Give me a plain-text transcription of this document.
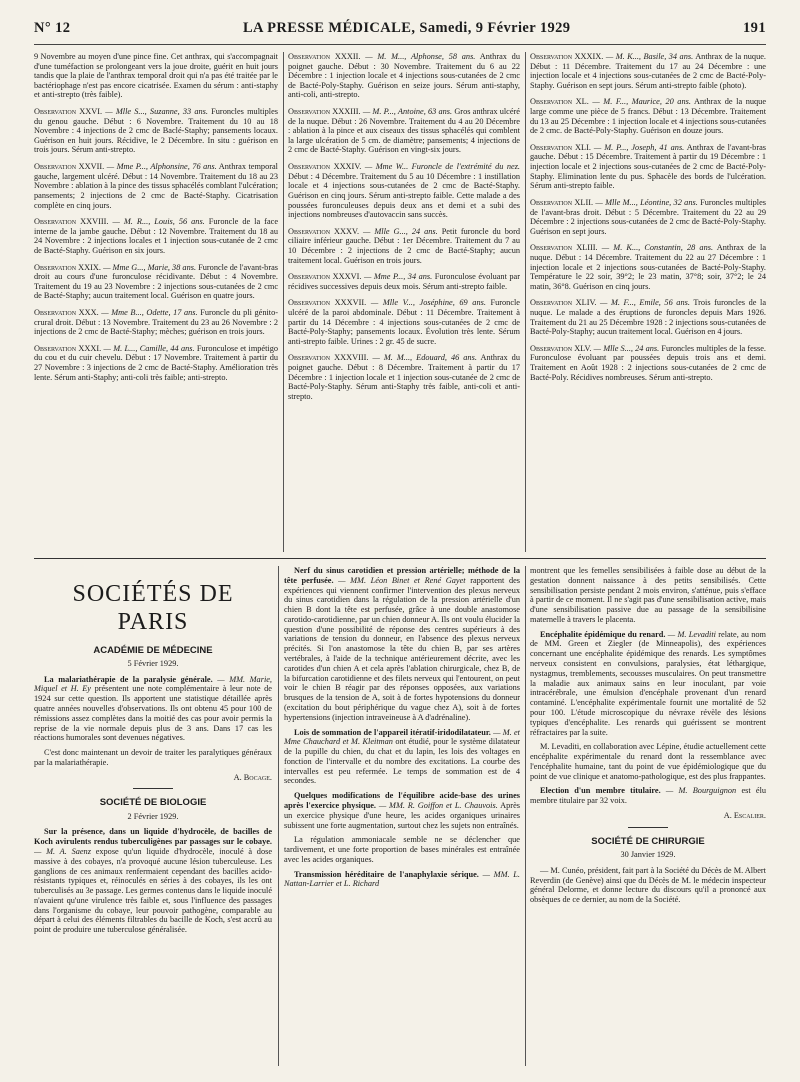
N° 12	LA PRESSE MÉDICALE, Samedi, 9 Février 1929	191
9 Novembre au moyen d'une pince fine. Cet anthrax, qui s'accompagnait d'une tuméfaction se prolongeant vers la joue droite, guérit en huit jours tandis que la plaie de l'anthrax temporal droit qui n'a pas été traitée par le bactériophage n'est pas encore cicatrisée. Examen du sérum : anti-staphy et anti-strepto (très faible).
Observation XXVI. — Mlle S..., Suzanne, 33 ans. Furoncles multiples du genou gauche. Début : 6 Novembre. Traitement du 10 au 18 Novembre : 4 injections de 2 cmc de Baclé-Staphy; pansements locaux. Guérison en huit jours. Récidive, le 2 Décembre. In situ : guérison en trois jours. Sérum anti-strepto.
Observation XXVII. — Mme P..., Alphonsine, 76 ans. Anthrax temporal gauche, largement ulcéré. Début : 14 Novembre. Traitement du 18 au 23 Novembre : ablation à la pince des tissus sphacélés comblant l'ulcération; pansements; 2 injections de 2 cmc de Bacté-Staphy. Cicatrisation complète en cinq jours.
Observation XXVIII. — M. R..., Louis, 56 ans. Furoncle de la face interne de la jambe gauche. Début : 12 Novembre. Traitement du 18 au 24 Novembre : 2 injections locales et 1 injection sous-cutanée de 2 cmc de Bacté-Staphy. Guérison en six jours.
Observation XXIX. — Mme G..., Marie, 38 ans. Furoncle de l'avant-bras droit au cours d'une furonculose récidivante. Début : 4 Novembre. Traitement du 19 au 23 Novembre : 2 injections sous-cutanées de 2 cmc de Bacté-Staphy; aucun traitement local. Guérison en quatre jours.
Observation XXX. — Mme B..., Odette, 17 ans. Furoncle du pli génito-crural droit. Début : 13 Novembre. Traitement du 23 au 26 Novembre : 2 injections de 2 cmc de Bacté-Staphy; mèches; guérison en trois jours.
Observation XXXI. — M. L..., Camille, 44 ans. Furonculose et impétigo du cou et du cuir chevelu. Début : 17 Novembre. Traitement à partir du 27 Novembre : 3 injections de 2 cmc de Bacté-Staphy. Amélioration très lente. Sérum anti-Staphy; anti-coli très faible; anti-strepto.
Observation XXXII. — M. M..., Alphonse, 58 ans. Anthrax du poignet gauche. Début : 30 Novembre. Traitement du 6 au 22 Décembre : 1 injection locale et 4 injections sous-cutanées de 2 cmc de Bacté-Poly-Staphy. Guérison en seize jours. Sérum anti-staphy, anti-coli, anti-strepto.
Observation XXXIII. — M. P..., Antoine, 63 ans. Gros anthrax ulcéré de la nuque. Début : 26 Novembre. Traitement du 4 au 20 Décembre : ablation à la pince et aux ciseaux des tissus sphacélés qui comblent la large ulcération de 5 cm. de diamètre; pansements; 4 injections de 2 cmc de Bacté-Staphy. Guérison en vingt-six jours.
Observation XXXIV. — Mme W... Furoncle de l'extrémité du nez. Début : 4 Décembre. Traitement du 5 au 10 Décembre : 1 instillation locale et 4 injections sous-cutanées de 2 cmc de Bacté-Staphy. Guérison en cinq jours. Sérum anti-strepto faible. Cette malade a des poussées furonculeuses depuis deux ans et demi et a subi des injections nombreuses d'autovaccin sans succès.
Observation XXXV. — Mlle G..., 24 ans. Petit furoncle du bord ciliaire inférieur gauche. Début : 1er Décembre. Traitement du 7 au 10 Décembre : 2 injections de 2 cmc de Bacté-Staphy; aucun traitement local. Guérison en trois jours.
Observation XXXVI. — Mme P..., 34 ans. Furonculose évoluant par récidives successives depuis deux mois. Sérum anti-strepto faible.
Observation XXXVII. — Mlle V..., Joséphine, 69 ans. Furoncle ulcéré de la paroi abdominale. Début : 11 Décembre. Traitement à partir du 14 Décembre : 4 injections sous-cutanées de 2 cmc de Bacté-Poly-Staphy; pansements locaux. Évolution très lente. Sérum anti-strepto faible. Urines : 2 gr. 45 de sucre.
Observation XXXVIII. — M. M..., Edouard, 46 ans. Anthrax du poignet gauche. Début : 8 Décembre. Traitement à partir du 17 Décembre : 1 injection locale et 1 injection sous-cutanée de 2 cmc de Bacté-Poly-Staphy. Sérum anti-Staphy très faible, anti-coli et anti-strepto.
Observation XXXIX. — M. K..., Basile, 34 ans. Anthrax de la nuque. Début : 11 Décembre. Traitement du 17 au 24 Décembre : une injection locale et 4 injections sous-cutanées de 2 cmc de Bacté-Poly-Staphy. Guérison en sept jours. Sérum anti-strepto faible (photo).
Observation XL. — M. F..., Maurice, 20 ans. Anthrax de la nuque large comme une pièce de 5 francs. Début : 13 Décembre. Traitement du 13 au 25 Décembre : 1 injection locale et 4 injections sous-cutanées de 2 cmc. de Bacté-Poly-Staphy. Guérison en douze jours.
Observation XLI. — M. P..., Joseph, 41 ans. Anthrax de l'avant-bras gauche. Début : 15 Décembre. Traitement à partir du 19 Décembre : 1 injection locale et 2 injections sous-cutanées de 2 cmc de Bacté-Poly-Staphy. Elimination lente du pus. Sphacèle des bords de l'ulcération. Sérum anti-strepto faible.
Observation XLII. — Mlle M..., Léontine, 32 ans. Furoncles multiples de l'avant-bras droit. Début : 5 Décembre. Traitement du 22 au 29 Décembre : 2 injections sous-cutanées de 2 cmc de Bacté-Poly-Staphy. Guérison en sept jours.
Observation XLIII. — M. K..., Constantin, 28 ans. Anthrax de la nuque. Début : 14 Décembre. Traitement du 22 au 27 Décembre : 1 injection locale et 2 injections sous-cutanées de Bacté-Poly-Staphy. Température le 22 soir, 39°2; le 23 matin, 37°8; soir, 37°2; le 24 matin, 36°8. Guérison en cinq jours.
Observation XLIV. — M. F..., Emile, 56 ans. Trois furoncles de la nuque. Le malade a des éruptions de furoncles depuis Mars 1926. Traitement du 21 au 25 Décembre 1928 : 2 injections sous-cutanées de Bacté-Poly-Staphy; aucun traitement local. Guérison en 4 jours.
Observation XLV. — Mlle S..., 24 ans. Furoncles multiples de la fesse. Furonculose évoluant par poussées depuis trois ans et demi. Traitement en Août 1928 : 2 injections sous-cutanées de 2 cmc de Bacté-Poly. Récidives nombreuses. Sérum anti-strepto.
SOCIÉTÉS DE PARIS
ACADÉMIE DE MÉDECINE
5 Février 1929.

La malariathérapie de la paralysie générale. — MM. Marie, Miquel et H. Ey présentent une note complémentaire à leur note de 1924 sur cette question. Ils apportent une statistique détaillée après quatre années nouvelles d'observations. Ils ont obtenu 45 pour 100 de rémissions assez complètes dans la moitié des cas pour avoir permis la reprise de la vie normale depuis plus de 3 ans. Dans 17 cas les réactions humorales sont devenues négatives.

C'est donc maintenant un devoir de traiter les paralytiques généraux par la malariathérapie.

A. Bocage.
SOCIÉTÉ DE BIOLOGIE
2 Février 1929.

Sur la présence, dans un liquide d'hydrocèle, de bacilles de Koch avirulents rendus tuberculigènes par passages sur le cobaye. — M. A. Saenz expose qu'un liquide d'hydrocèle, inoculé à dose massive à des cobayes, n'a provoqué aucune lésion tuberculeuse. Les ganglions de ces animaux renfermaient cependant des bacilles acido-résistants typiques et, réinoculés en séries à des cobayes, ils les ont tuberculisés au 3e passage. Les germes contenus dans le liquide inoculé n'avaient qu'une virulence très faible et, sous l'influence des passages dans l'organisme du cobaye, leur pouvoir pathogène, comparable au départ à celui des éléments filtrables du bacille de Koch, s'est accrû au point de produire une tuberculose généralisée.

Nerf du sinus carotidien et pression artérielle; méthode de la tête perfusée. — MM. Léon Binet et René Gayet rapportent des expériences qui viennent confirmer l'intervention des plexus nerveux du sinus carotidien dans la régulation de la pression artérielle d'un chien B dont la tête est perfusée, grâce à une double anastomose carotido-carotidienne, par un chien donneur A. Ils ont voulu élucider la question d'une possibilité de réponse des centres supérieurs à des variations de tension du donneur, en l'absence des plexus nerveux précités. Si l'on anastomose la tête du chien B, par ses artères vertébrales, à l'aide de la technique antérieurement décrite, avec les carotides d'un chien A et cela après l'ablation chirurgicale, chez B, de la bifurcation carotidienne et des filets nerveux qui l'entourent, on peut voir le chien B réagir par des réponses opposées, aux variations brusques de la tension de A, soit à de fortes hypotensions du donneur (excitation du bout périphérique du vague chez A), soit à de fortes hypertensions (injection intraveineuse à A d'adrénaline).

Lois de sommation de l'appareil itératif-iridodilatateur. — M. et Mme Chauchard et M. Kleitman ont étudié, pour le système dilatateur de la pupille du chien, du chat et du lapin, les lois des voltages en fonction de l'intervalle et du nombre des excitations. La courbe des intervalles est peu refermée. Le temps de sommation est de 4 secondes.

Quelques modifications de l'équilibre acide-base des urines après l'exercice physique. — MM. R. Goiffon et L. Chauvois. Après un exercice physique d'une heure, les acides organiques urinaires subissent une forte augmentation, surtout chez les sujets non entraînés.

La régulation ammoniacale semble ne se déclencher que tardivement, et une forte proportion de bases minérales est entraînée avec les acides organiques.

Transmission héréditaire de l'anaphylaxie sérique. — MM. L. Nattan-Larrier et L. Richard

montrent que les femelles sensibilisées à faible dose au début de la gestation donnent naissance à des petits sensibilisés. Cette sensibilisation persiste pendant 2 mois environ, s'atténue, puis s'efface à partir de ce moment. Il ne s'agit pas d'une sensibilisation active, mais d'une sensibilisation passive due au passage de la sensibilisine maternelle à travers le placenta.

Encéphalite épidémique du renard. — M. Levaditi relate, au nom de MM. Green et Ziegler (de Minneapolis), des expériences concernant une encéphalite épidémique des renards. Les symptômes nerveux consistent en convulsions, paralysies, état léthargique, nystagmus, tremblements, secousses musculaires. On peut transmettre la maladie aux animaux sains en leur inoculant, par voie intracérébrale, une émulsion d'encéphale provenant d'un renard contaminé. L'encéphalite expérimentale fournit une mortalité de 52 pour 100. L'étude microscopique du névraxe révèle des lésions typiques d'encéphalite. Les renards qui guérissent se montrent réfractaires par la suite.

M. Levaditi, en collaboration avec Lépine, étudie actuellement cette encéphalite expérimentale du renard dont la ressemblance avec l'encéphalite humaine, tant du point de vue épidémiologique que du point de vue clinique et anatomo-pathologique, est des plus frappantes.

Election d'un membre titulaire. — M. Bourguignon est élu membre titulaire par 32 voix.

A. Escalier.
SOCIÉTÉ DE CHIRURGIE
30 Janvier 1929.

— M. Cunéo, président, fait part à la Société du Décès de M. Albert Reverdin (de Genève) ainsi que du Décès de M. le médecin inspecteur général Delorme, et donne lecture du discours qu'il a prononcé aux obsèques de ce dernier, au nom de la Société.
